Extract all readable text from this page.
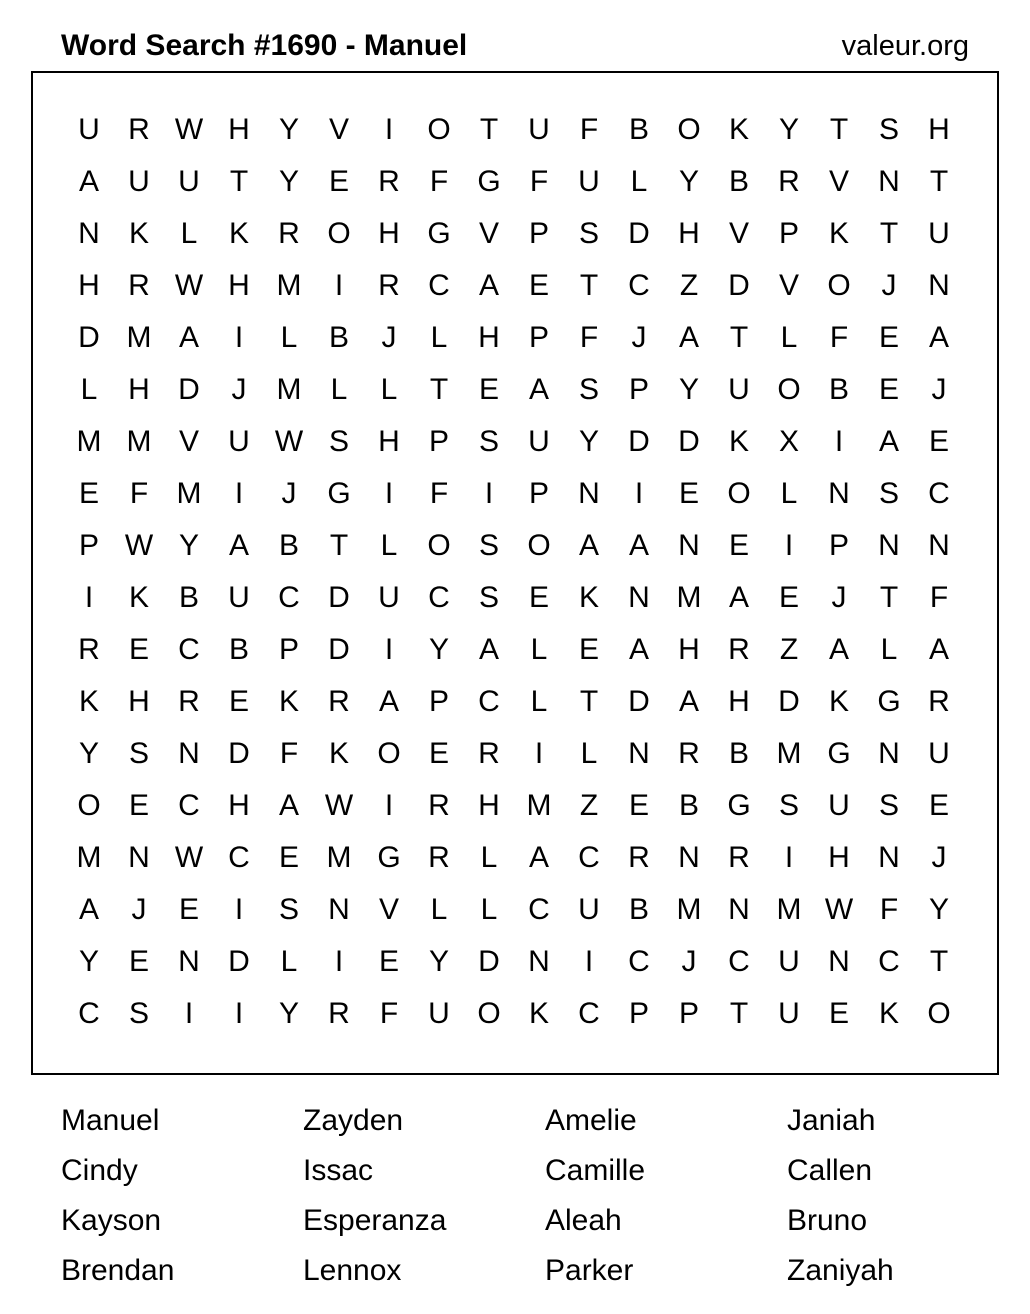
Word Search #1690 - Manuel	valeur.org
U R W H Y V	I	O T	U	F	B O K Y	T	S H
A U U	T	Y E R	F G F	U	L	Y B R V N	T
N K	L	K R O H G V P S D H V P K	T	U
H R W H M	I	R C A E	T	C	Z	D V O	J	N
D M A	I	L	B	J	L	H P	F	J	A	T	L	F	E A
L	H D	J	M L	L	T	E A S P Y U O B E	J
M M V U W S H P S U Y D D K X	I	A E
E	F M	I	J	G	I	F	I	P N	I	E O L	N S C
P W Y A B	T	L O S O A A N E	I	P N N
I	K B U C D U C S E K N M A E	J	T	F
R E C B P D	I	Y A	L	E A H R	Z	A	L	A
K H R E K R A P C	L	T	D A H D K G R
Y S N D	F	K O E R	I	L	N R B M G N U
O E C H A W	I	R H M Z	E B G S U S E
M N W C E M G R	L	A C R N R	I	H N	J
A	J	E	I	S N V	L	L	C U B M N M W F	Y
Y E N D	L	I	E Y D N	I	C	J	C U N C	T
C S	I	I	Y R	F	U O K C P P	T	U E K O
Manuel	Zayden	Amelie	Janiah
Cindy	Issac	Camille	Callen
Kayson	Esperanza	Aleah	Bruno
Brendan	Lennox	Parker	Zaniyah
